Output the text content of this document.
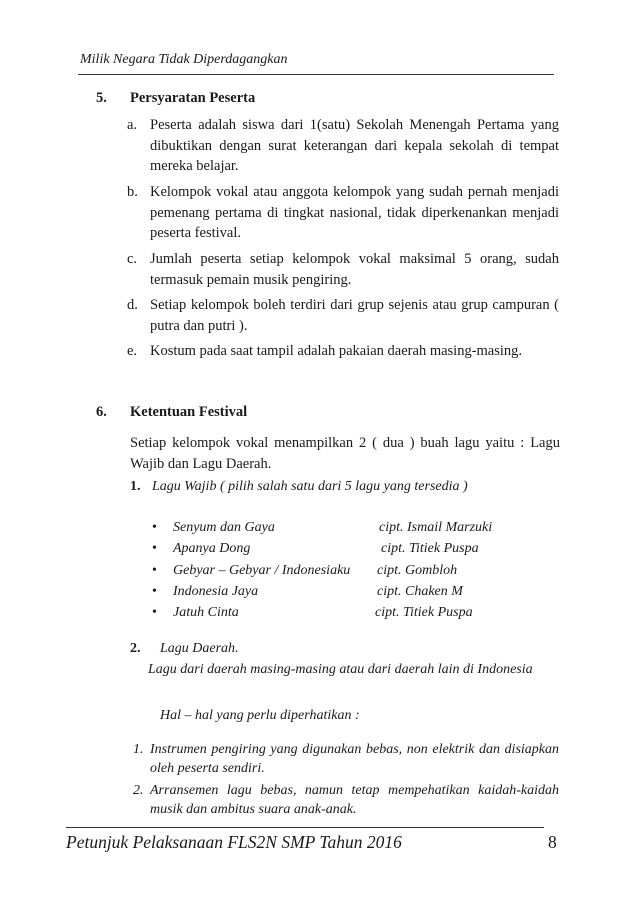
Milik Negara Tidak Diperdagangkan
5. Persyaratan Peserta
a. Peserta adalah siswa dari 1(satu) Sekolah Menengah Pertama yang dibuktikan dengan surat keterangan dari kepala sekolah di tempat mereka belajar.
b. Kelompok vokal atau anggota kelompok yang sudah pernah menjadi pemenang pertama di tingkat nasional, tidak diperkenankan menjadi peserta festival.
c. Jumlah peserta setiap kelompok vokal maksimal 5 orang, sudah termasuk pemain musik pengiring.
d. Setiap kelompok boleh terdiri dari grup sejenis atau grup campuran ( putra dan putri ).
e. Kostum pada saat tampil adalah pakaian daerah masing-masing.
6. Ketentuan Festival
Setiap kelompok vokal menampilkan 2 ( dua ) buah lagu yaitu : Lagu Wajib dan Lagu Daerah.
1. Lagu Wajib ( pilih salah satu dari 5 lagu yang tersedia )
• Senyum dan Gaya	cipt. Ismail Marzuki
• Apanya Dong	cipt. Titiek Puspa
• Gebyar – Gebyar / Indonesiaku cipt. Gombloh
• Indonesia Jaya	cipt. Chaken M
• Jatuh Cinta	cipt. Titiek Puspa
2. Lagu Daerah.
Lagu dari daerah masing-masing atau dari daerah lain di Indonesia
Hal – hal yang perlu diperhatikan :
1. Instrumen pengiring yang digunakan bebas, non elektrik dan disiapkan oleh peserta sendiri.
2. Arransemen lagu bebas, namun tetap mempehatikan kaidah-kaidah musik dan ambitus suara anak-anak.
Petunjuk Pelaksanaan FLS2N SMP Tahun 2016	8
